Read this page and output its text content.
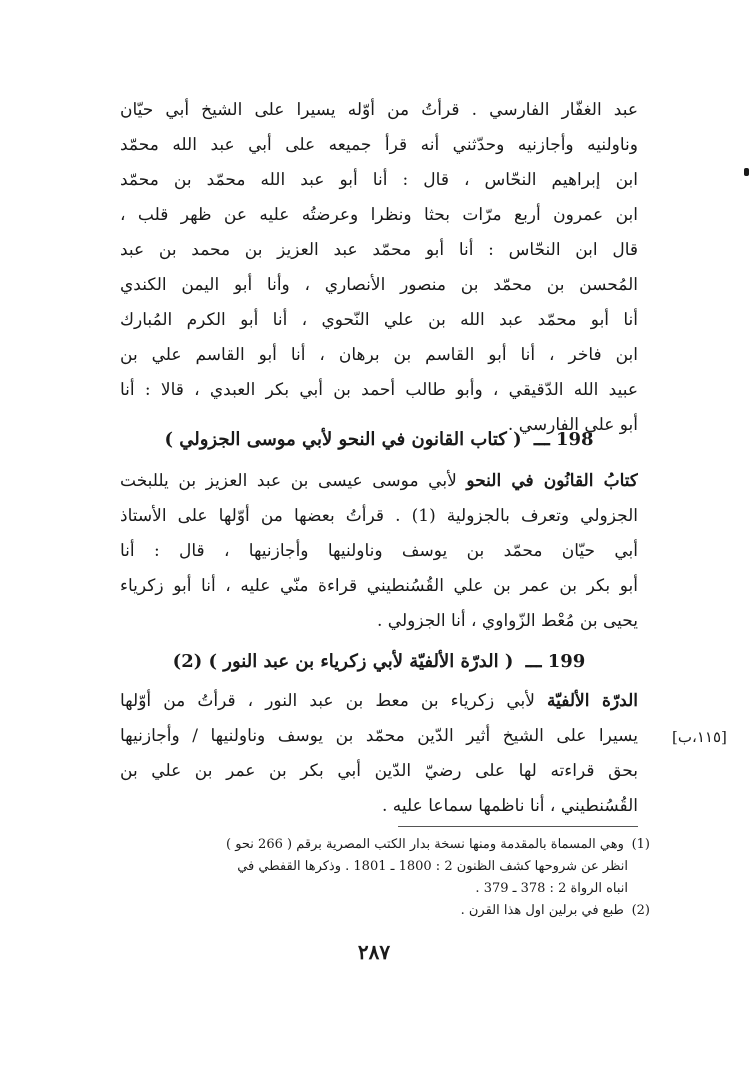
عبد الغفّار الفارسي . قرأتُ من أوّله يسيرا على الشيخ أبي حيّان
وناولنيه وأجازنيه وحدّثني أنه قرأ جميعه على أبي عبد الله محمّد
ابن إبراهيم النحّاس ، قال : أنا أبو عبد الله محمّد بن محمّد
ابن عمرون أربع مرّات بحثا ونظرا وعرضتُه عليه عن ظهر قلب ،
قال ابن النحّاس : أنا أبو محمّد عبد العزيز بن محمد بن عبد
المُحسن بن محمّد بن منصور الأنصاري ، وأنا أبو اليمن الكندي
أنا أبو محمّد عبد الله بن علي النّحوي ، أنا أبو الكرم المُبارك
ابن فاخر ، أنا أبو القاسم بن برهان ، أنا أبو القاسم علي بن
عبيد الله الدّقيقي ، وأبو طالب أحمد بن أبي بكر العبدي ، قالا : أنا
أبو علي الفارسي .
198 ـــ ( كتاب القانون في النحو لأبي موسى الجزولي )
كتابُ القانُون في النحو لأبي موسى عيسى بن عبد العزيز بن يللبخت
الجزولي وتعرف بالجزولية (1) . قرأتُ بعضها من أوّلها على الأستاذ
أبي حيّان محمّد بن يوسف وناولنيها وأجازنيها ، قال : أنا
أبو بكر بن عمر بن علي القُسُنطيني قراءة منّي عليه ، أنا أبو زكرياء
يحيى بن مُعْط الزّواوي ، أنا الجزولي .
199 ـــ ( الدرّة الألفيّة لأبي زكرياء بن عبد النور ) (2)
الدرّة الألفيّة لأبي زكرياء بن معط بن عبد النور ، قرأتُ من أوّلها
يسيرا على الشيخ أثير الدّين محمّد بن يوسف وناولنيها / وأجازنيها
بحق قراءته لها على رضيّ الدّين أبي بكر بن عمر بن علي بن
القُسُنطيني ، أنا ناظمها سماعا عليه .
[١١٥،ب]
(1) وهي المسماة بالمقدمة ومنها نسخة بدار الكتب المصرية برقم ( 266 نحو )
انظر عن شروحها كشف الظنون 2 : 1800 ـ 1801 . وذكرها القفطي في
انباه الرواة 2 : 378 ـ 379 .
(2) طبع في برلين اول هذا القرن .
٢٨٧
